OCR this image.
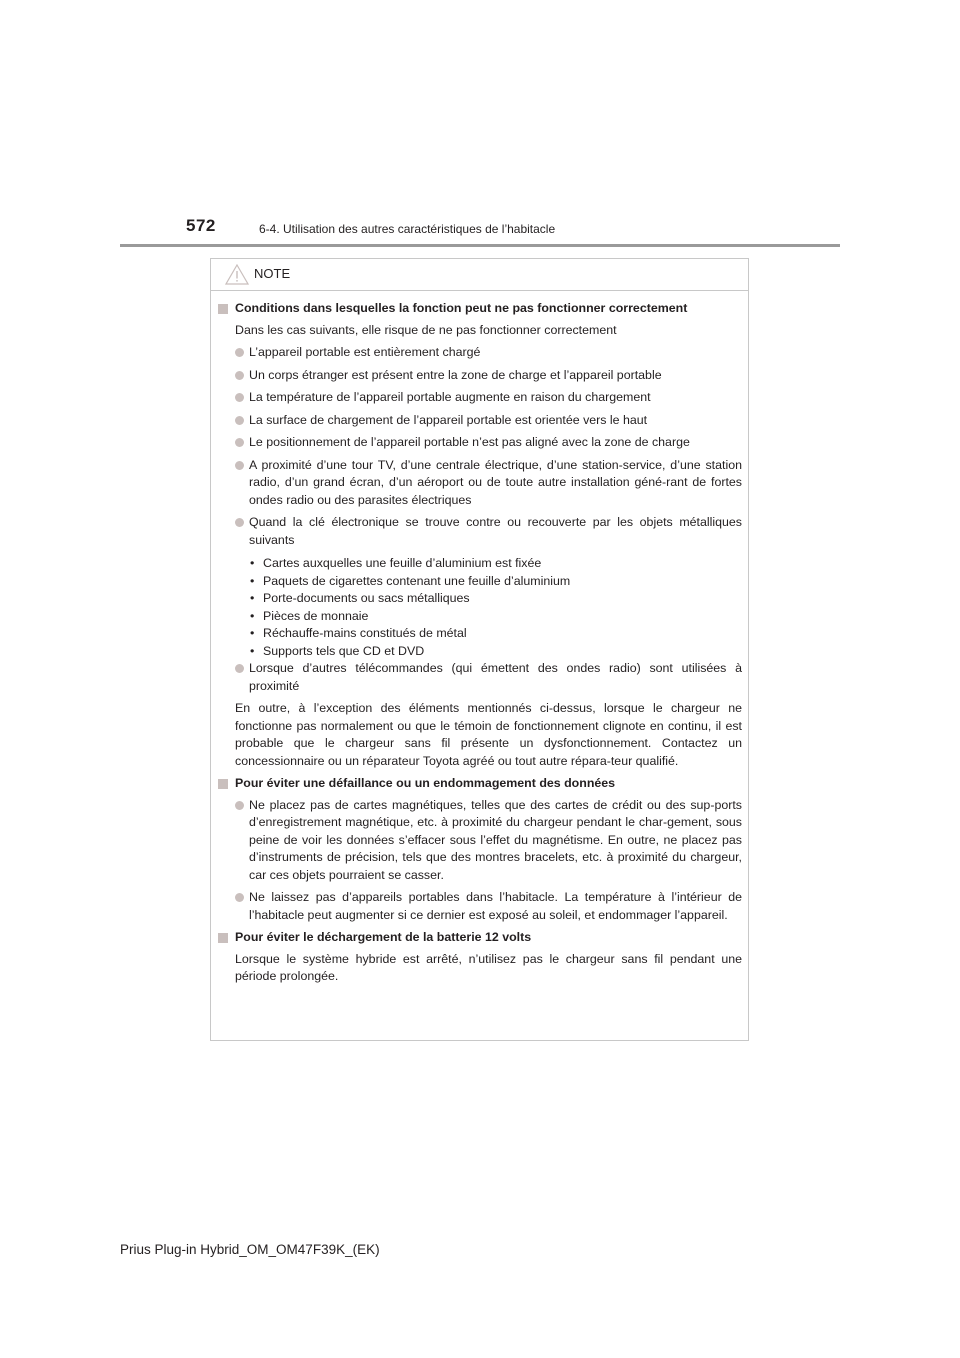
572	6-4. Utilisation des autres caractéristiques de l’habitacle
NOTE
Conditions dans lesquelles la fonction peut ne pas fonctionner correctement
Dans les cas suivants, elle risque de ne pas fonctionner correctement
L’appareil portable est entièrement chargé
Un corps étranger est présent entre la zone de charge et l’appareil portable
La température de l’appareil portable augmente en raison du chargement
La surface de chargement de l’appareil portable est orientée vers le haut
Le positionnement de l’appareil portable n’est pas aligné avec la zone de charge
A proximité d’une tour TV, d’une centrale électrique, d’une station-service, d’une station radio, d’un grand écran, d’un aéroport ou de toute autre installation géné-rant de fortes ondes radio ou des parasites électriques
Quand la clé électronique se trouve contre ou recouverte par les objets métalliques suivants
• Cartes auxquelles une feuille d’aluminium est fixée
• Paquets de cigarettes contenant une feuille d’aluminium
• Porte-documents ou sacs métalliques
• Pièces de monnaie
• Réchauffe-mains constitués de métal
• Supports tels que CD et DVD
Lorsque d’autres télécommandes (qui émettent des ondes radio) sont utilisées à proximité
En outre, à l’exception des éléments mentionnés ci-dessus, lorsque le chargeur ne fonctionne pas normalement ou que le témoin de fonctionnement clignote en continu, il est probable que le chargeur sans fil présente un dysfonctionnement. Contactez un concessionnaire ou un réparateur Toyota agréé ou tout autre répara-teur qualifié.
Pour éviter une défaillance ou un endommagement des données
Ne placez pas de cartes magnétiques, telles que des cartes de crédit ou des sup-ports d’enregistrement magnétique, etc. à proximité du chargeur pendant le char-gement, sous peine de voir les données s’effacer sous l’effet du magnétisme. En outre, ne placez pas d’instruments de précision, tels que des montres bracelets, etc. à proximité du chargeur, car ces objets pourraient se casser.
Ne laissez pas d’appareils portables dans l’habitacle. La température à l’intérieur de l’habitacle peut augmenter si ce dernier est exposé au soleil, et endommager l’appareil.
Pour éviter le déchargement de la batterie 12 volts
Lorsque le système hybride est arrêté, n’utilisez pas le chargeur sans fil pendant une période prolongée.
Prius Plug-in Hybrid_OM_OM47F39K_(EK)
